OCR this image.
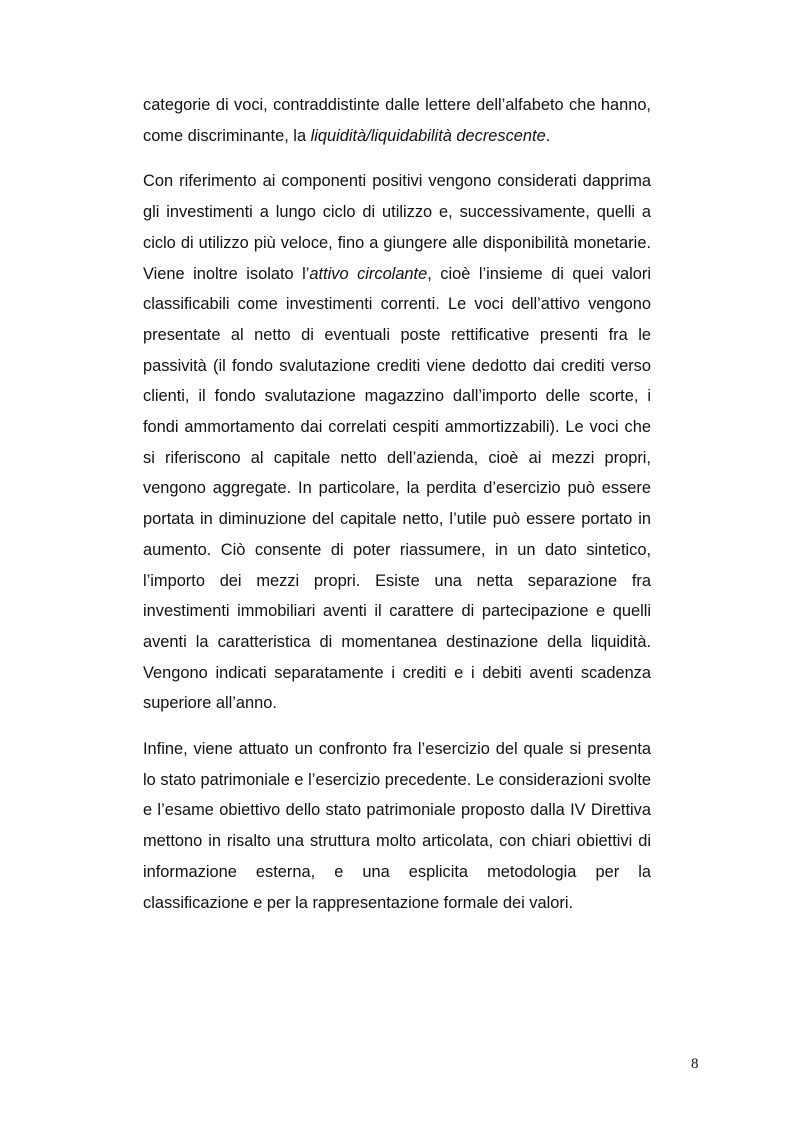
categorie di voci, contraddistinte dalle lettere dell’alfabeto che hanno, come discriminante, la liquidità/liquidabilità decrescente.

Con riferimento ai componenti positivi vengono considerati dapprima gli investimenti a lungo ciclo di utilizzo e, successivamente, quelli a ciclo di utilizzo più veloce, fino a giungere alle disponibilità monetarie. Viene inoltre isolato l’attivo circolante, cioè l’insieme di quei valori classificabili come investimenti correnti. Le voci dell’attivo vengono presentate al netto di eventuali poste rettificative presenti fra le passività (il fondo svalutazione crediti viene dedotto dai crediti verso clienti, il fondo svalutazione magazzino dall’importo delle scorte, i fondi ammortamento dai correlati cespiti ammortizzabili). Le voci che si riferiscono al capitale netto dell’azienda, cioè ai mezzi propri, vengono aggregate. In particolare, la perdita d’esercizio può essere portata in diminuzione del capitale netto, l’utile può essere portato in aumento. Ciò consente di poter riassumere, in un dato sintetico, l’importo dei mezzi propri. Esiste una netta separazione fra investimenti immobiliari aventi il carattere di partecipazione e quelli aventi la caratteristica di momentanea destinazione della liquidità. Vengono indicati separatamente i crediti e i debiti aventi scadenza superiore all’anno.

Infine, viene attuato un confronto fra l’esercizio del quale si presenta lo stato patrimoniale e l’esercizio precedente. Le considerazioni svolte e l’esame obiettivo dello stato patrimoniale proposto dalla IV Direttiva mettono in risalto una struttura molto articolata, con chiari obiettivi di informazione esterna, e una esplicita metodologia per la classificazione e per la rappresentazione formale dei valori.

8
